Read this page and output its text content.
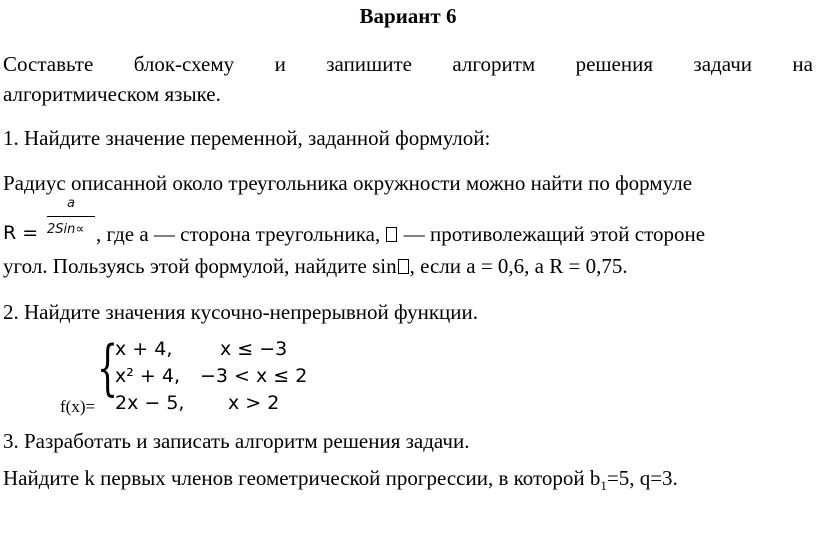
Вариант 6
Составьте блок-схему и запишите алгоритм решения задачи на
алгоритмическом языке.
1. Найдите значение переменной, заданной формулой:
Радиус описанной около треугольника окружности можно найти по формуле
R =
a
2Sin∝ , где a — сторона треугольника, — противолежащий этой стороне
угол. Пользуясь этой формулой, найдите sin , если a = 0,6, а R = 0,75.
2. Найдите значения кусочно-непрерывной функции.
{
x + 4,	x ≤ −3
x² + 4, −3 < x ≤ 2
2x − 5, x > 2
f(x)=
3. Разработать и записать алгоритм решения задачи.
Найдите k первых членов геометрической прогрессии, в которой $b_1=5$, q=3.
